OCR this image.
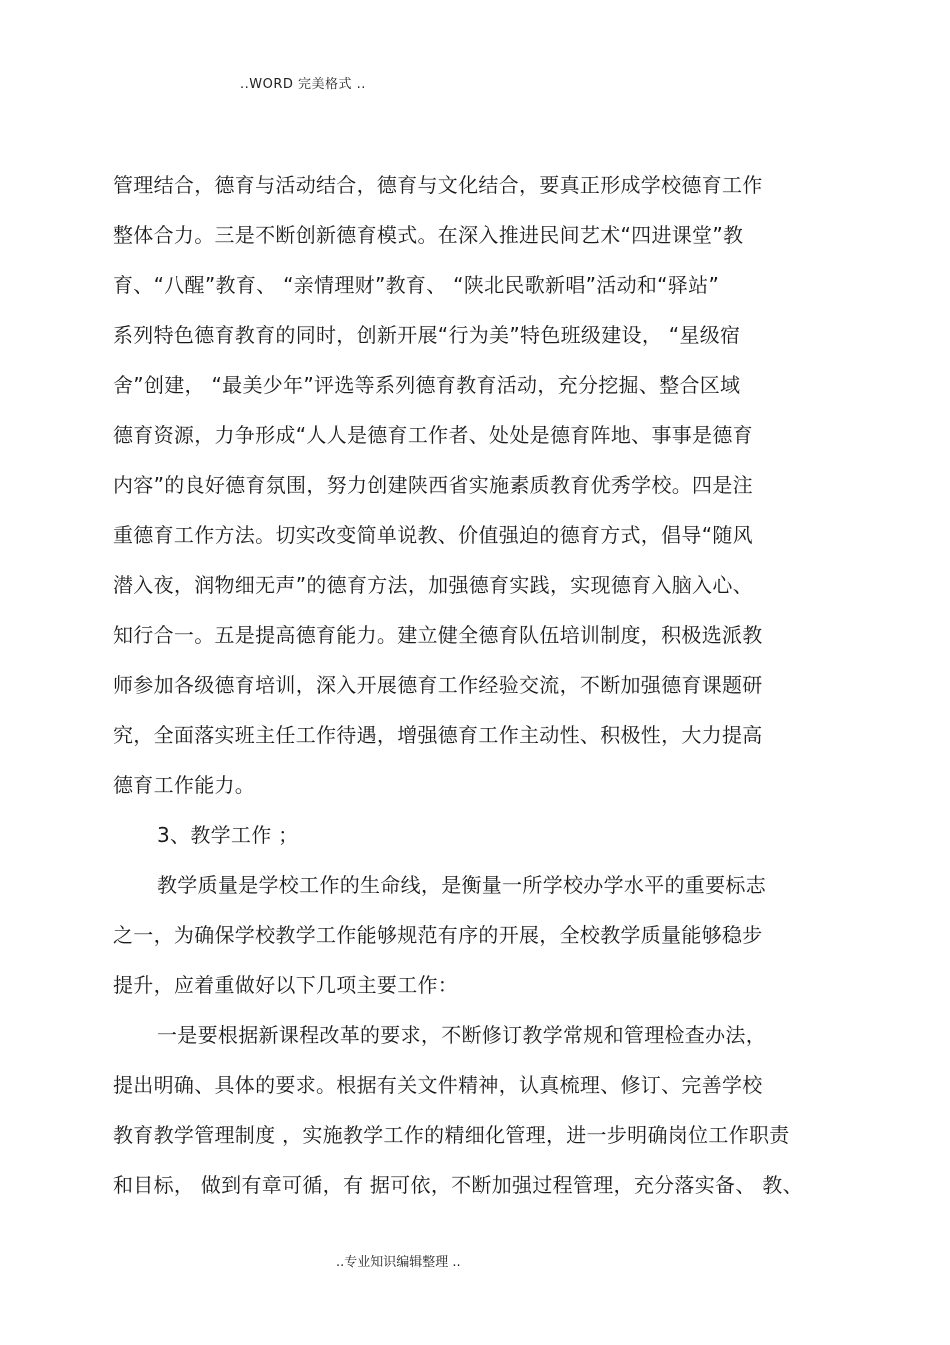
..WORD 完美格式 ..
管理结合，德育与活动结合，德育与文化结合，要真正形成学校德育工作
整体合力。三是不断创新德育模式。在深入推进民间艺术“四进课堂”教
育、“八醒”教育、 “亲情理财”教育、 “陕北民歌新唱”活动和“驿站”
系列特色德育教育的同时，创新开展“行为美”特色班级建设， “星级宿
舍”创建， “最美少年”评选等系列德育教育活动，充分挖掘、整合区域
德育资源，力争形成“人人是德育工作者、处处是德育阵地、事事是德育
内容”的良好德育氛围，努力创建陕西省实施素质教育优秀学校。四是注
重德育工作方法。切实改变简单说教、价值强迫的德育方式，倡导“随风
潜入夜，润物细无声”的德育方法，加强德育实践，实现德育入脑入心、
知行合一。五是提高德育能力。建立健全德育队伍培训制度，积极选派教
师参加各级德育培训，深入开展德育工作经验交流，不断加强德育课题研
究，全面落实班主任工作待遇，增强德育工作主动性、积极性，大力提高
德育工作能力。
3、教学工作 ；
教学质量是学校工作的生命线，是衡量一所学校办学水平的重要标志
之一，为确保学校教学工作能够规范有序的开展，全校教学质量能够稳步
提升，应着重做好以下几项主要工作：
一是要根据新课程改革的要求，不断修订教学常规和管理检查办法，
提出明确、具体的要求。根据有关文件精神，认真梳理、修订、完善学校
教育教学管理制度 ，实施教学工作的精细化管理，进一步明确岗位工作职责
和目标， 做到有章可循，有 据可依，不断加强过程管理，充分落实备、 教、
..专业知识编辑整理 ..
